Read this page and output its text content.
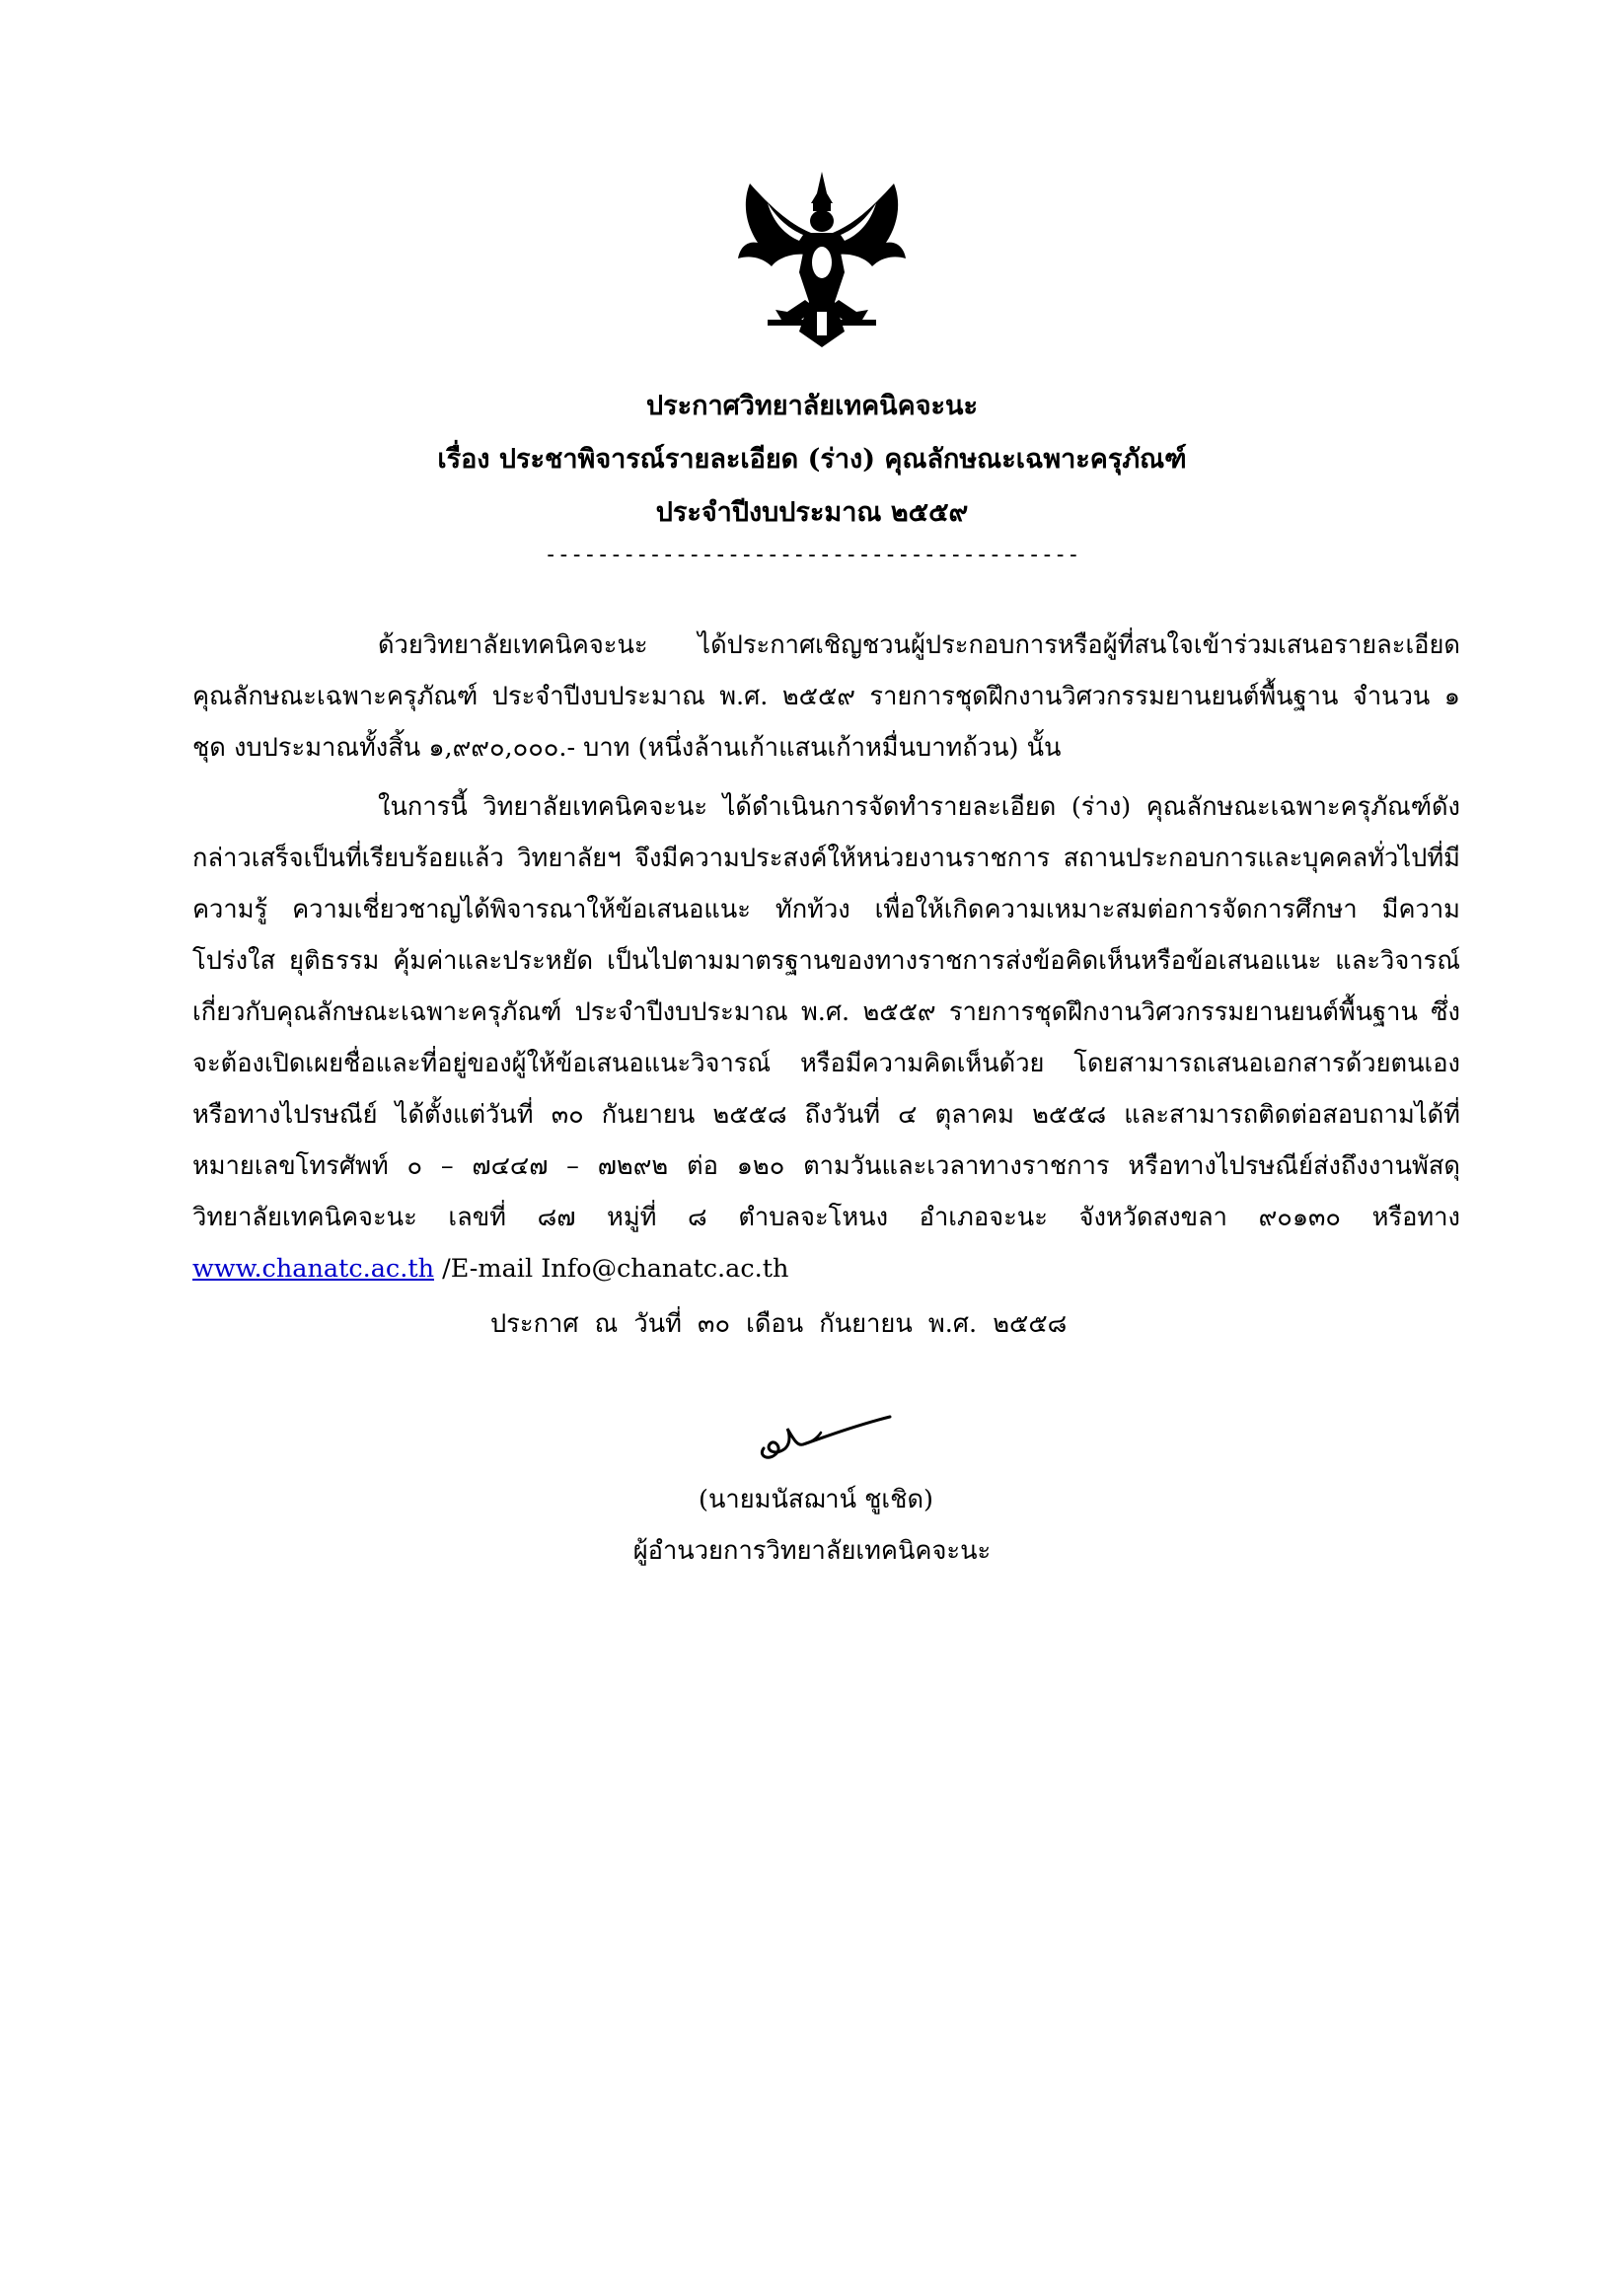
ประกาศวิทยาลัยเทคนิคจะนะ
เรื่อง ประชาพิจารณ์รายละเอียด (ร่าง) คุณลักษณะเฉพาะครุภัณฑ์
ประจำปีงบประมาณ ๒๕๕๙
-----------------------------------------
ด้วยวิทยาลัยเทคนิคจะนะ ได้ประกาศเชิญชวนผู้ประกอบการหรือผู้ที่สนใจเข้าร่วมเสนอรายละเอียดคุณลักษณะเฉพาะครุภัณฑ์ ประจำปีงบประมาณ พ.ศ. ๒๕๕๙ รายการชุดฝึกงานวิศวกรรมยานยนต์พื้นฐาน จำนวน ๑ ชุด งบประมาณทั้งสิ้น ๑,๙๙๐,๐๐๐.- บาท (หนึ่งล้านเก้าแสนเก้าหมื่นบาทถ้วน) นั้น
ในการนี้ วิทยาลัยเทคนิคจะนะ ได้ดำเนินการจัดทำรายละเอียด (ร่าง) คุณลักษณะเฉพาะครุภัณฑ์ดังกล่าวเสร็จเป็นที่เรียบร้อยแล้ว วิทยาลัยฯ จึงมีความประสงค์ให้หน่วยงานราชการ สถานประกอบการและบุคคลทั่วไปที่มีความรู้ ความเชี่ยวชาญได้พิจารณาให้ข้อเสนอแนะ ทักท้วง เพื่อให้เกิดความเหมาะสมต่อการจัดการศึกษา มีความโปร่งใส ยุติธรรม คุ้มค่าและประหยัด เป็นไปตามมาตรฐานของทางราชการส่งข้อคิดเห็นหรือข้อเสนอแนะ และวิจารณ์ เกี่ยวกับคุณลักษณะเฉพาะครุภัณฑ์ ประจำปีงบประมาณ พ.ศ. ๒๕๕๙ รายการชุดฝึกงานวิศวกรรมยานยนต์พื้นฐาน ซึ่งจะต้องเปิดเผยชื่อและที่อยู่ของผู้ให้ข้อเสนอแนะวิจารณ์ หรือมีความคิดเห็นด้วย โดยสามารถเสนอเอกสารด้วยตนเองหรือทางไปรษณีย์ ได้ตั้งแต่วันที่ ๓๐ กันยายน ๒๕๕๘ ถึงวันที่ ๔ ตุลาคม ๒๕๕๘ และสามารถติดต่อสอบถามได้ที่หมายเลขโทรศัพท์ ๐ – ๗๔๔๗ – ๗๒๙๒ ต่อ ๑๒๐ ตามวันและเวลาทางราชการ หรือทางไปรษณีย์ส่งถึงงานพัสดุ วิทยาลัยเทคนิคจะนะ เลขที่ ๘๗ หมู่ที่ ๘ ตำบลจะโหนง อำเภอจะนะ จังหวัดสงขลา ๙๐๑๓๐ หรือทาง www.chanatc.ac.th /E-mail Info@chanatc.ac.th
ประกาศ ณ วันที่ ๓๐ เดือน กันยายน พ.ศ. ๒๕๕๘
(นายมนัสฌาน์ ชูเชิด)
ผู้อำนวยการวิทยาลัยเทคนิคจะนะ
